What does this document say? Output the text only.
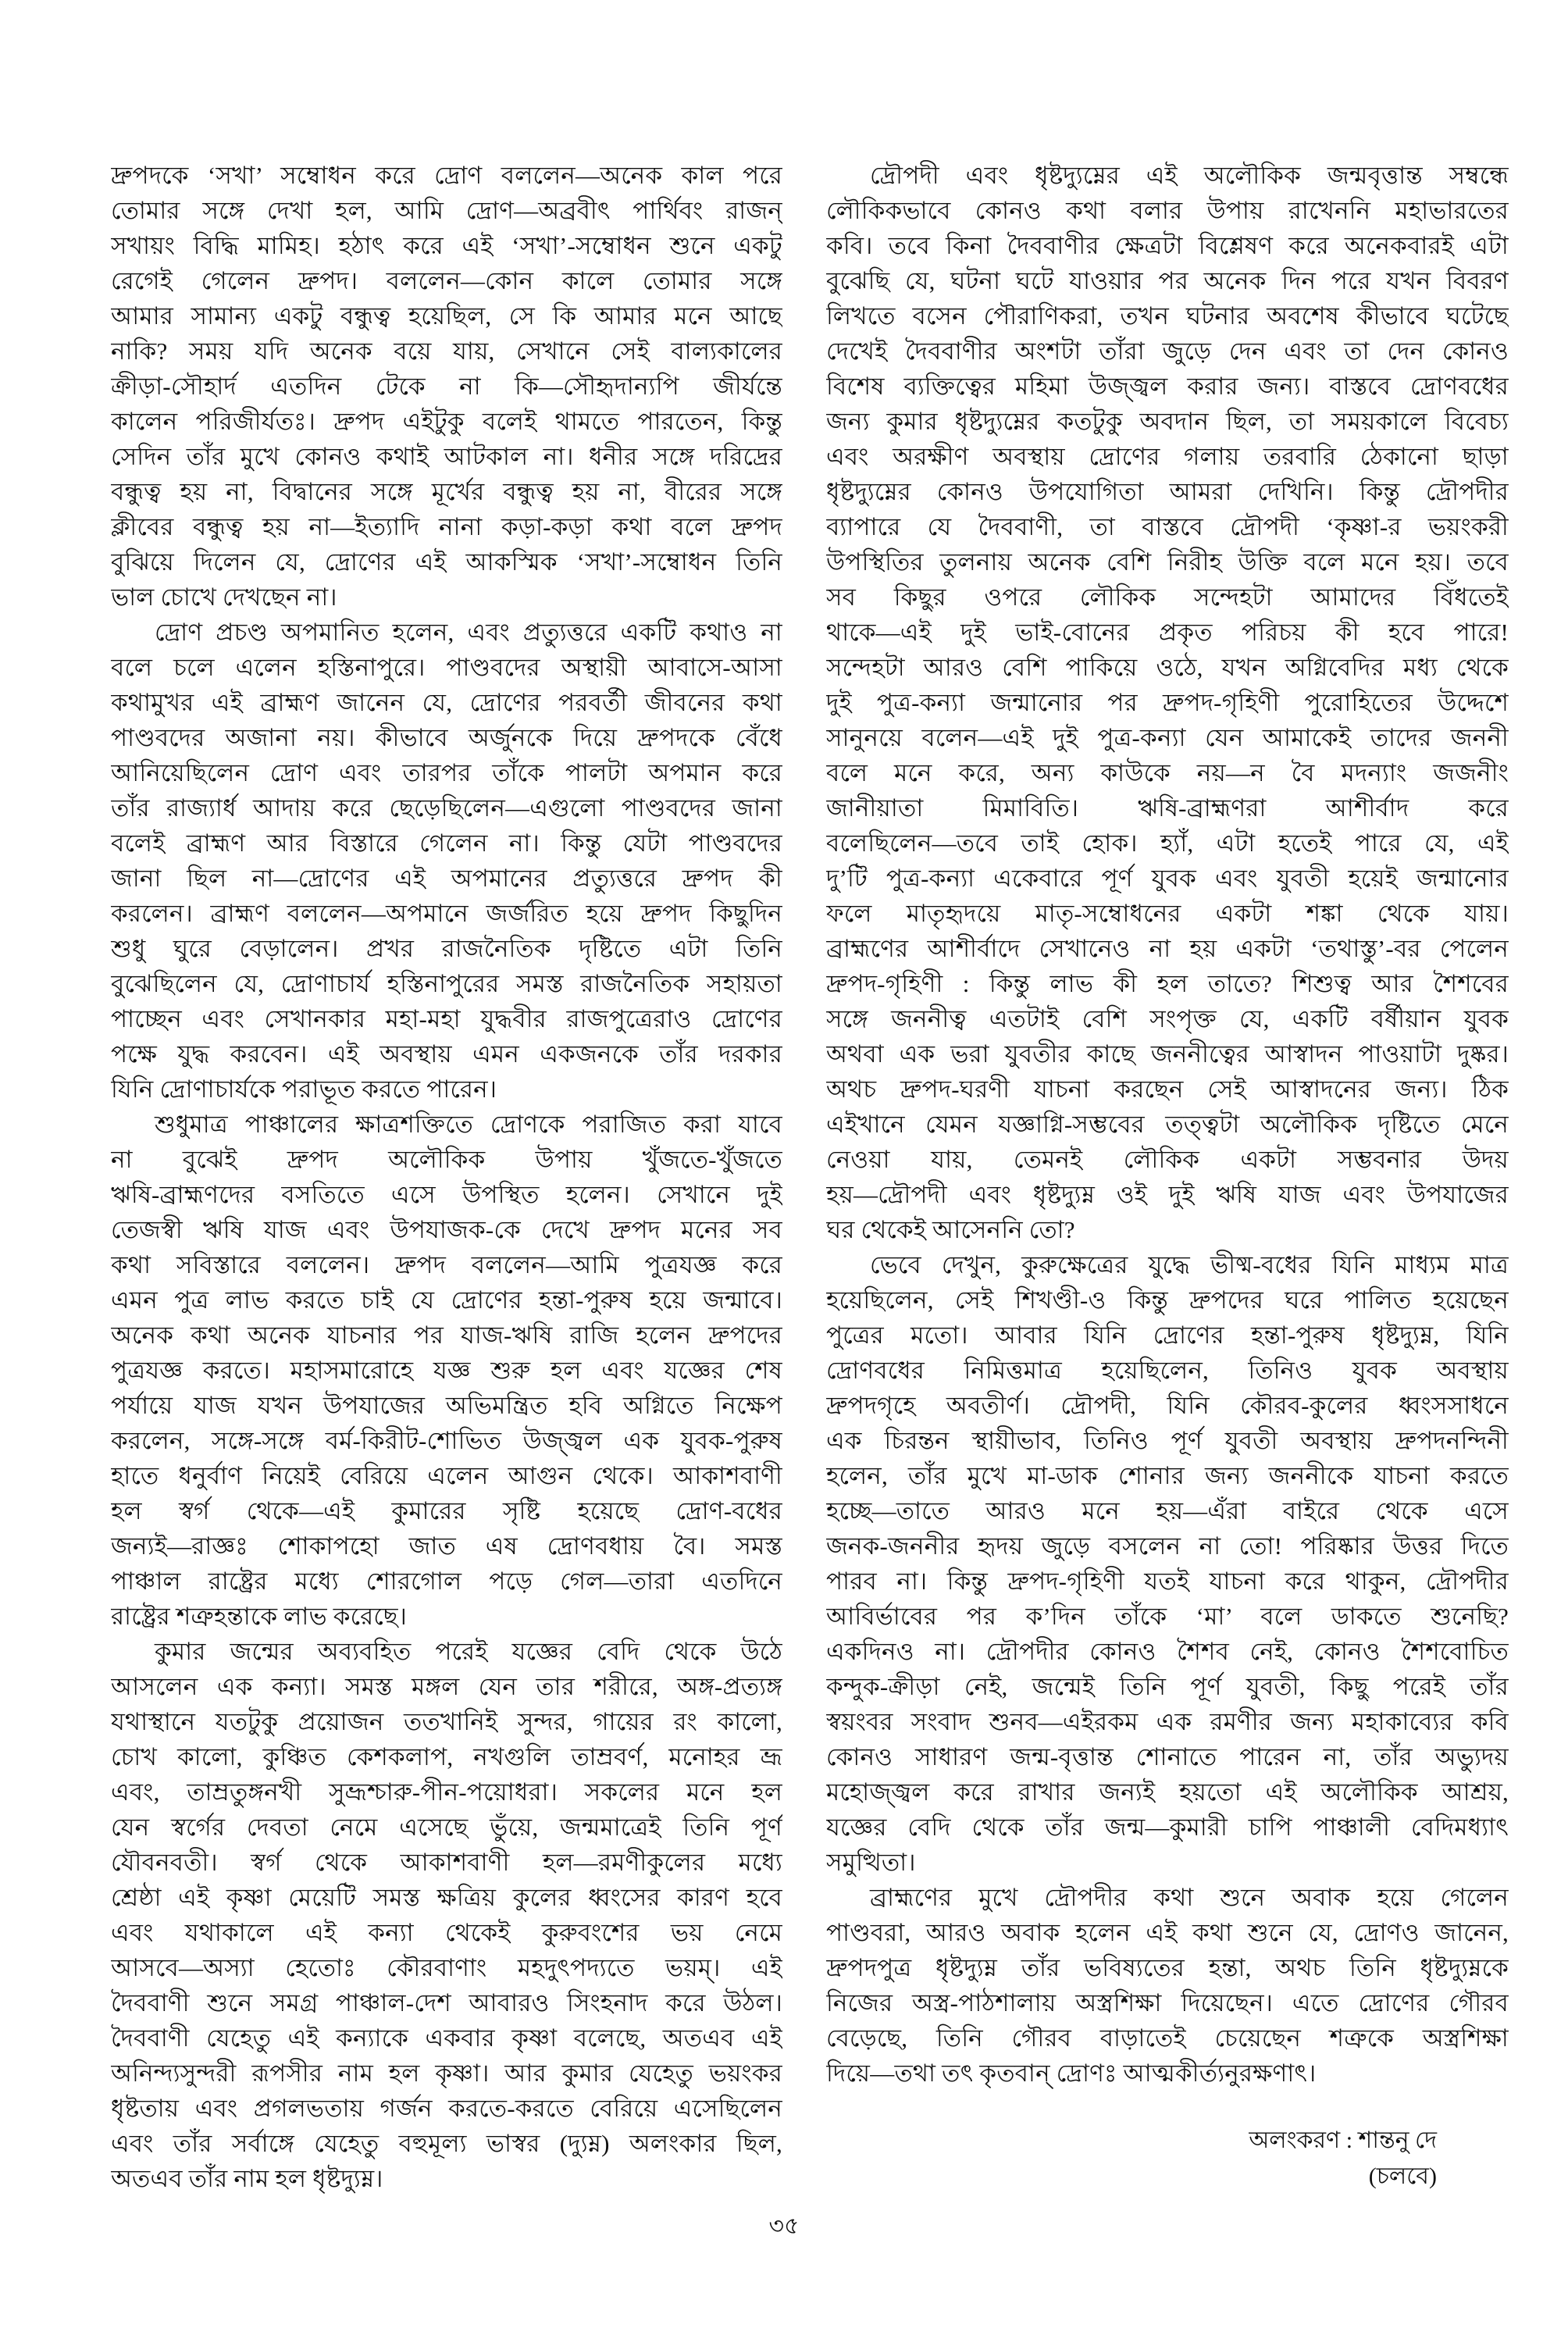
দ্রুপদকে ‘সখা’ সম্বোধন করে দ্রোণ বললেন—অনেক কাল পরে
তোমার সঙ্গে দেখা হল, আমি দ্রোণ—অব্রবীৎ পার্থিবং রাজন্
সখায়ং বিদ্ধি মামিহ। হঠাৎ করে এই ‘সখা’-সম্বোধন শুনে একটু
রেগেই গেলেন দ্রুপদ। বললেন—কোন কালে তোমার সঙ্গে
আমার সামান্য একটু বন্ধুত্ব হয়েছিল, সে কি আমার মনে আছে
নাকি? সময় যদি অনেক বয়ে যায়, সেখানে সেই বাল্যকালের
ক্রীড়া-সৌহার্দ এতদিন টেকে না কি—সৌহৃদান্যপি জীর্যন্তে
কালেন পরিজীর্যতঃ। দ্রুপদ এইটুকু বলেই থামতে পারতেন, কিন্তু
সেদিন তাঁর মুখে কোনও কথাই আটকাল না। ধনীর সঙ্গে দরিদ্রের
বন্ধুত্ব হয় না, বিদ্বানের সঙ্গে মূর্খের বন্ধুত্ব হয় না, বীরের সঙ্গে
ক্লীবের বন্ধুত্ব হয় না—ইত্যাদি নানা কড়া-কড়া কথা বলে দ্রুপদ
বুঝিয়ে দিলেন যে, দ্রোণের এই আকস্মিক ‘সখা’-সম্বোধন তিনি
ভাল চোখে দেখছেন না।
দ্রোণ প্রচণ্ড অপমানিত হলেন, এবং প্রত্যুত্তরে একটি কথাও না
বলে চলে এলেন হস্তিনাপুরে। পাণ্ডবদের অস্থায়ী আবাসে-আসা
কথামুখর এই ব্রাহ্মণ জানেন যে, দ্রোণের পরবর্তী জীবনের কথা
পাণ্ডবদের অজানা নয়। কীভাবে অর্জুনকে দিয়ে দ্রুপদকে বেঁধে
আনিয়েছিলেন দ্রোণ এবং তারপর তাঁকে পালটা অপমান করে
তাঁর রাজ্যার্ধ আদায় করে ছেড়েছিলেন—এগুলো পাণ্ডবদের জানা
বলেই ব্রাহ্মণ আর বিস্তারে গেলেন না। কিন্তু যেটা পাণ্ডবদের
জানা ছিল না—দ্রোণের এই অপমানের প্রত্যুত্তরে দ্রুপদ কী
করলেন। ব্রাহ্মণ বললেন—অপমানে জর্জরিত হয়ে দ্রুপদ কিছুদিন
শুধু ঘুরে বেড়ালেন। প্রখর রাজনৈতিক দৃষ্টিতে এটা তিনি
বুঝেছিলেন যে, দ্রোণাচার্য হস্তিনাপুরের সমস্ত রাজনৈতিক সহায়তা
পাচ্ছেন এবং সেখানকার মহা-মহা যুদ্ধবীর রাজপুত্রেরাও দ্রোণের
পক্ষে যুদ্ধ করবেন। এই অবস্থায় এমন একজনকে তাঁর দরকার
যিনি দ্রোণাচার্যকে পরাভূত করতে পারেন।
শুধুমাত্র পাঞ্চালের ক্ষাত্রশক্তিতে দ্রোণকে পরাজিত করা যাবে
না বুঝেই দ্রুপদ অলৌকিক উপায় খুঁজতে-খুঁজতে
ঋষি-ব্রাহ্মণদের বসতিতে এসে উপস্থিত হলেন। সেখানে দুই
তেজস্বী ঋষি যাজ এবং উপযাজক-কে দেখে দ্রুপদ মনের সব
কথা সবিস্তারে বললেন। দ্রুপদ বললেন—আমি পুত্রযজ্ঞ করে
এমন পুত্র লাভ করতে চাই যে দ্রোণের হন্তা-পুরুষ হয়ে জন্মাবে।
অনেক কথা অনেক যাচনার পর যাজ-ঋষি রাজি হলেন দ্রুপদের
পুত্রযজ্ঞ করতে। মহাসমারোহে যজ্ঞ শুরু হল এবং যজ্ঞের শেষ
পর্যায়ে যাজ যখন উপযাজের অভিমন্ত্রিত হবি অগ্নিতে নিক্ষেপ
করলেন, সঙ্গে-সঙ্গে বর্ম-কিরীট-শোভিত উজ্জ্বল এক যুবক-পুরুষ
হাতে ধনুর্বাণ নিয়েই বেরিয়ে এলেন আগুন থেকে। আকাশবাণী
হল স্বর্গ থেকে—এই কুমারের সৃষ্টি হয়েছে দ্রোণ-বধের
জন্যই—রাজ্ঞঃ শোকাপহো জাত এষ দ্রোণবধায় বৈ। সমস্ত
পাঞ্চাল রাষ্ট্রের মধ্যে শোরগোল পড়ে গেল—তারা এতদিনে
রাষ্ট্রের শত্রুহন্তাকে লাভ করেছে।
কুমার জন্মের অব্যবহিত পরেই যজ্ঞের বেদি থেকে উঠে
আসলেন এক কন্যা। সমস্ত মঙ্গল যেন তার শরীরে, অঙ্গ-প্রত্যঙ্গ
যথাস্থানে যতটুকু প্রয়োজন ততখানিই সুন্দর, গায়ের রং কালো,
চোখ কালো, কুঞ্চিত কেশকলাপ, নখগুলি তাম্রবর্ণ, মনোহর ভ্রূ
এবং, তাম্রতুঙ্গনখী সুভ্রূশ্চারু-পীন-পয়োধরা। সকলের মনে হল
যেন স্বর্গের দেবতা নেমে এসেছে ভুঁয়ে, জন্মমাত্রেই তিনি পূর্ণ
যৌবনবতী। স্বর্গ থেকে আকাশবাণী হল—রমণীকুলের মধ্যে
শ্রেষ্ঠা এই কৃষ্ণা মেয়েটি সমস্ত ক্ষত্রিয় কুলের ধ্বংসের কারণ হবে
এবং যথাকালে এই কন্যা থেকেই কুরুবংশের ভয় নেমে
আসবে—অস্যা হেতোঃ কৌরবাণাং মহদুৎপদ্যতে ভয়ম্। এই
দৈববাণী শুনে সমগ্র পাঞ্চাল-দেশ আবারও সিংহনাদ করে উঠল।
দৈববাণী যেহেতু এই কন্যাকে একবার কৃষ্ণা বলেছে, অতএব এই
অনিন্দ্যসুন্দরী রূপসীর নাম হল কৃষ্ণা। আর কুমার যেহেতু ভয়ংকর
ধৃষ্টতায় এবং প্রগলভতায় গর্জন করতে-করতে বেরিয়ে এসেছিলেন
এবং তাঁর সর্বাঙ্গে যেহেতু বহুমূল্য ভাস্বর (দ্যুম্ন) অলংকার ছিল,
অতএব তাঁর নাম হল ধৃষ্টদ্যুম্ন।
দ্রৌপদী এবং ধৃষ্টদ্যুম্নের এই অলৌকিক জন্মবৃত্তান্ত সম্বন্ধে
লৌকিকভাবে কোনও কথা বলার উপায় রাখেননি মহাভারতের
কবি। তবে কিনা দৈববাণীর ক্ষেত্রটা বিশ্লেষণ করে অনেকবারই এটা
বুঝেছি যে, ঘটনা ঘটে যাওয়ার পর অনেক দিন পরে যখন বিবরণ
লিখতে বসেন পৌরাণিকরা, তখন ঘটনার অবশেষ কীভাবে ঘটেছে
দেখেই দৈববাণীর অংশটা তাঁরা জুড়ে দেন এবং তা দেন কোনও
বিশেষ ব্যক্তিত্বের মহিমা উজ্জ্বল করার জন্য। বাস্তবে দ্রোণবধের
জন্য কুমার ধৃষ্টদ্যুম্নের কতটুকু অবদান ছিল, তা সময়কালে বিবেচ্য
এবং অরক্ষীণ অবস্থায় দ্রোণের গলায় তরবারি ঠেকানো ছাড়া
ধৃষ্টদ্যুম্নের কোনও উপযোগিতা আমরা দেখিনি। কিন্তু দ্রৌপদীর
ব্যাপারে যে দৈববাণী, তা বাস্তবে দ্রৌপদী ‘কৃষ্ণা-র ভয়ংকরী
উপস্থিতির তুলনায় অনেক বেশি নিরীহ উক্তি বলে মনে হয়। তবে
সব কিছুর ওপরে লৌকিক সন্দেহটা আমাদের বিঁধতেই
থাকে—এই দুই ভাই-বোনের প্রকৃত পরিচয় কী হবে পারে!
সন্দেহটা আরও বেশি পাকিয়ে ওঠে, যখন অগ্নিবেদির মধ্য থেকে
দুই পুত্র-কন্যা জন্মানোর পর দ্রুপদ-গৃহিণী পুরোহিতের উদ্দেশে
সানুনয়ে বলেন—এই দুই পুত্র-কন্যা যেন আমাকেই তাদের জননী
বলে মনে করে, অন্য কাউকে নয়—ন বৈ মদন্যাং জজনীং
জানীয়াতা মিমাবিতি। ঋষি-ব্রাহ্মণরা আশীর্বাদ করে
বলেছিলেন—তবে তাই হোক। হ্যাঁ, এটা হতেই পারে যে, এই
দু’টি পুত্র-কন্যা একেবারে পূর্ণ যুবক এবং যুবতী হয়েই জন্মানোর
ফলে মাতৃহৃদয়ে মাতৃ-সম্বোধনের একটা শঙ্কা থেকে যায়।
ব্রাহ্মণের আশীর্বাদে সেখানেও না হয় একটা ‘তথাস্তু’-বর পেলেন
দ্রুপদ-গৃহিণী : কিন্তু লাভ কী হল তাতে? শিশুত্ব আর শৈশবের
সঙ্গে জননীত্ব এতটাই বেশি সংপৃক্ত যে, একটি বর্ষীয়ান যুবক
অথবা এক ভরা যুবতীর কাছে জননীত্বের আস্বাদন পাওয়াটা দুষ্কর।
অথচ দ্রুপদ-ঘরণী যাচনা করছেন সেই আস্বাদনের জন্য। ঠিক
এইখানে যেমন যজ্ঞাগ্নি-সম্ভবের তত্ত্বটা অলৌকিক দৃষ্টিতে মেনে
নেওয়া যায়, তেমনই লৌকিক একটা সম্ভবনার উদয়
হয়—দ্রৌপদী এবং ধৃষ্টদ্যুম্ন ওই দুই ঋষি যাজ এবং উপযাজের
ঘর থেকেই আসেননি তো?
ভেবে দেখুন, কুরুক্ষেত্রের যুদ্ধে ভীষ্ম-বধের যিনি মাধ্যম মাত্র
হয়েছিলেন, সেই শিখণ্ডী-ও কিন্তু দ্রুপদের ঘরে পালিত হয়েছেন
পুত্রের মতো। আবার যিনি দ্রোণের হন্তা-পুরুষ ধৃষ্টদ্যুম্ন, যিনি
দ্রোণবধের নিমিত্তমাত্র হয়েছিলেন, তিনিও যুবক অবস্থায়
দ্রুপদগৃহে অবতীর্ণ। দ্রৌপদী, যিনি কৌরব-কুলের ধ্বংসসাধনে
এক চিরন্তন স্থায়ীভাব, তিনিও পূর্ণ যুবতী অবস্থায় দ্রুপদনন্দিনী
হলেন, তাঁর মুখে মা-ডাক শোনার জন্য জননীকে যাচনা করতে
হচ্ছে—তাতে আরও মনে হয়—এঁরা বাইরে থেকে এসে
জনক-জননীর হৃদয় জুড়ে বসলেন না তো! পরিষ্কার উত্তর দিতে
পারব না। কিন্তু দ্রুপদ-গৃহিণী যতই যাচনা করে থাকুন, দ্রৌপদীর
আবির্ভাবের পর ক’দিন তাঁকে ‘মা’ বলে ডাকতে শুনেছি?
একদিনও না। দ্রৌপদীর কোনও শৈশব নেই, কোনও শৈশবোচিত
কন্দুক-ক্রীড়া নেই, জন্মেই তিনি পূর্ণ যুবতী, কিছু পরেই তাঁর
স্বয়ংবর সংবাদ শুনব—এইরকম এক রমণীর জন্য মহাকাব্যের কবি
কোনও সাধারণ জন্ম-বৃত্তান্ত শোনাতে পারেন না, তাঁর অভ্যুদয়
মহোজ্জ্বল করে রাখার জন্যই হয়তো এই অলৌকিক আশ্রয়,
যজ্ঞের বেদি থেকে তাঁর জন্ম—কুমারী চাপি পাঞ্চালী বেদিমধ্যাৎ
সমুত্থিতা।
ব্রাহ্মণের মুখে দ্রৌপদীর কথা শুনে অবাক হয়ে গেলেন
পাণ্ডবরা, আরও অবাক হলেন এই কথা শুনে যে, দ্রোণও জানেন,
দ্রুপদপুত্র ধৃষ্টদ্যুম্ন তাঁর ভবিষ্যতের হন্তা, অথচ তিনি ধৃষ্টদ্যুম্নকে
নিজের অস্ত্র-পাঠশালায় অস্ত্রশিক্ষা দিয়েছেন। এতে দ্রোণের গৌরব
বেড়েছে, তিনি গৌরব বাড়াতেই চেয়েছেন শত্রুকে অস্ত্রশিক্ষা
দিয়ে—তথা তৎ কৃতবান্ দ্রোণঃ আত্মকীর্ত্যনুরক্ষণাৎ।
অলংকরণ : শান্তনু দে
(চলবে)
৩৫
